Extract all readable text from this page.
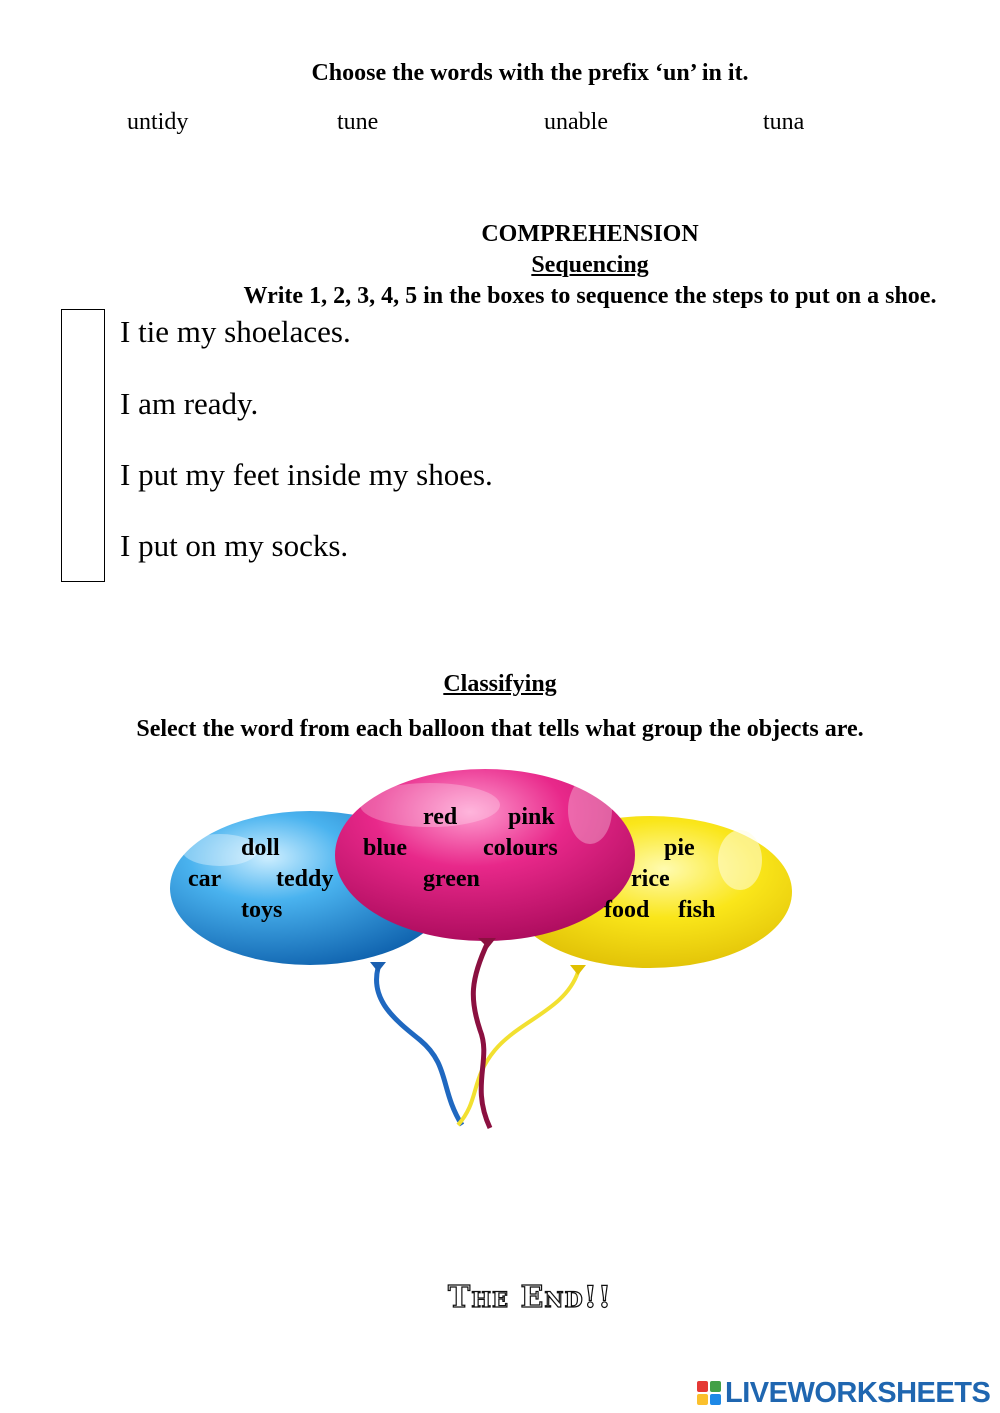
Choose the words with the prefix ‘un’ in it.
untidy	tune	unable	tuna
COMPREHENSION
Sequencing
Write 1, 2, 3, 4, 5 in the boxes to sequence the steps to put on a shoe.
I tie my shoelaces.
I am ready.
I put my feet inside my shoes.
I put on my socks.
Classifying
Select the word from each balloon that tells what group the objects are.
doll
car teddy
toys
red pink
blue	colours
green
pie
rice
food fish
The End!!
LIVEWORKSHEETS
